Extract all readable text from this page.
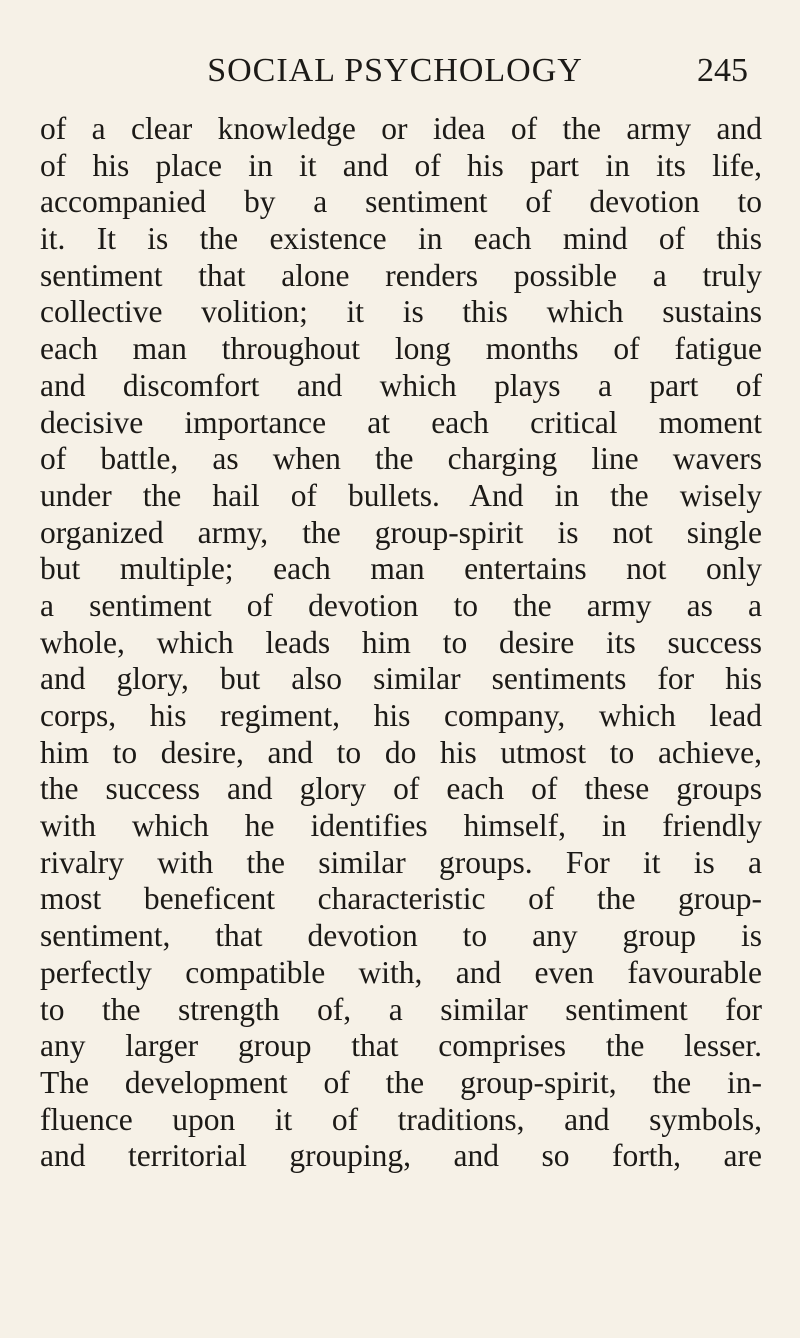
SOCIAL PSYCHOLOGY	245
of a clear knowledge or idea of the army and
of his place in it and of his part in its life,
accompanied by a sentiment of devotion to
it. It is the existence in each mind of this
sentiment that alone renders possible a truly
collective volition; it is this which sustains
each man throughout long months of fatigue
and discomfort and which plays a part of
decisive importance at each critical moment
of battle, as when the charging line wavers
under the hail of bullets. And in the wisely
organized army, the group-spirit is not single
but multiple; each man entertains not only
a sentiment of devotion to the army as a
whole, which leads him to desire its success
and glory, but also similar sentiments for his
corps, his regiment, his company, which lead
him to desire, and to do his utmost to achieve,
the success and glory of each of these groups
with which he identifies himself, in friendly
rivalry with the similar groups. For it is a
most beneficent characteristic of the group-
sentiment, that devotion to any group is
perfectly compatible with, and even favourable
to the strength of, a similar sentiment for
any larger group that comprises the lesser.
The development of the group-spirit, the in-
fluence upon it of traditions, and symbols,
and territorial grouping, and so forth, are
